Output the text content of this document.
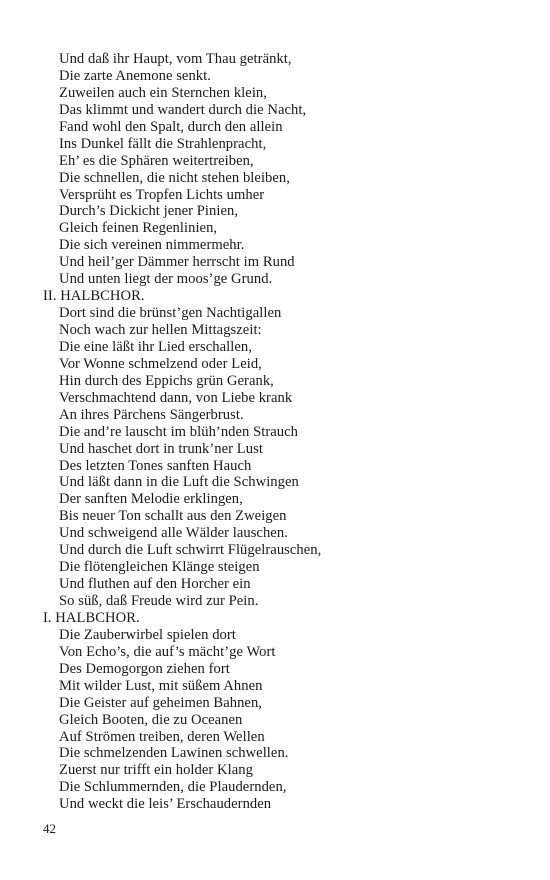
Und daß ihr Haupt, vom Thau getränkt,
Die zarte Anemone senkt.
Zuweilen auch ein Sternchen klein,
Das klimmt und wandert durch die Nacht,
Fand wohl den Spalt, durch den allein
Ins Dunkel fällt die Strahlenpracht,
Eh’ es die Sphären weitertreiben,
Die schnellen, die nicht stehen bleiben,
Versprüht es Tropfen Lichts umher
Durch’s Dickicht jener Pinien,
Gleich feinen Regenlinien,
Die sich vereinen nimmermehr.
Und heil’ger Dämmer herrscht im Rund
Und unten liegt der moos’ge Grund.
II. HALBCHOR.
Dort sind die brünst’gen Nachtigallen
Noch wach zur hellen Mittagszeit:
Die eine läßt ihr Lied erschallen,
Vor Wonne schmelzend oder Leid,
Hin durch des Eppichs grün Gerank,
Verschmachtend dann, von Liebe krank
An ihres Pärchens Sängerbrust.
Die and’re lauscht im blüh’nden Strauch
Und haschet dort in trunk’ner Lust
Des letzten Tones sanften Hauch
Und läßt dann in die Luft die Schwingen
Der sanften Melodie erklingen,
Bis neuer Ton schallt aus den Zweigen
Und schweigend alle Wälder lauschen.
Und durch die Luft schwirrt Flügelrauschen,
Die flötengleichen Klänge steigen
Und fluthen auf den Horcher ein
So süß, daß Freude wird zur Pein.
I. HALBCHOR.
Die Zauberwirbel spielen dort
Von Echo’s, die auf’s mächt’ge Wort
Des Demogorgon ziehen fort
Mit wilder Lust, mit süßem Ahnen
Die Geister auf geheimen Bahnen,
Gleich Booten, die zu Oceanen
Auf Strömen treiben, deren Wellen
Die schmelzenden Lawinen schwellen.
Zuerst nur trifft ein holder Klang
Die Schlummernden, die Plaudernden,
Und weckt die leis’ Erschaudernden
42
